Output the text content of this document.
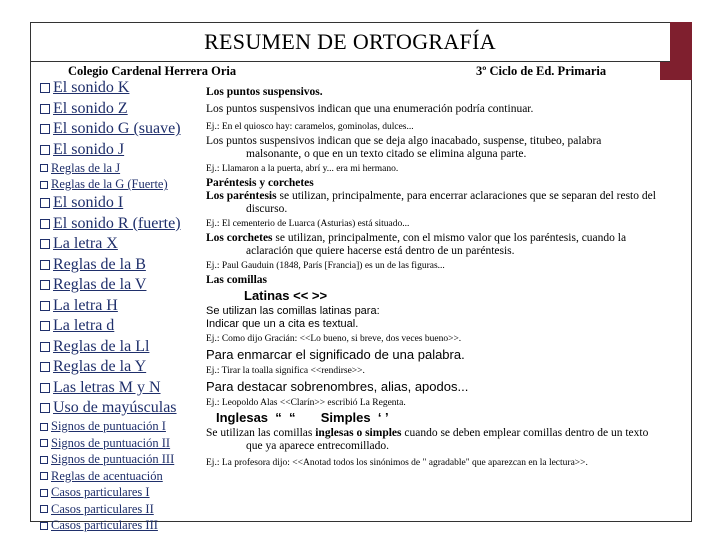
RESUMEN DE ORTOGRAFÍA
Colegio Cardenal Herrera Oria	3º Ciclo de Ed. Primaria
El sonido K
El sonido Z
El sonido G (suave)
El sonido J
Reglas de la J
Reglas de la G (Fuerte)
El sonido I
El sonido R (fuerte)
La letra X
Reglas de la B
Reglas de la V
La letra H
La letra d
Reglas de la Ll
Reglas de la Y
Las letras M y N
Uso de mayúsculas
Signos de puntuación I
Signos de puntuación II
Signos de puntuación III
Reglas de acentuación
Casos particulares I
Casos particulares II
Casos particulares III

Los puntos suspensivos.

Los puntos suspensivos indican que una enumeración podría continuar.

Ej.: En el quiosco hay: caramelos, gominolas, dulces...

Los puntos suspensivos indican que se deja algo inacabado, suspense, titubeo, palabra

malsonante, o que en un texto citado se elimina alguna parte.

Ej.: Llamaron a la puerta, abrí y... era mi hermano.

Paréntesis y corchetes

Los paréntesis se utilizan, principalmente, para encerrar aclaraciones que se separan del resto del

discurso.

Ej.: El cementerio de Luarca (Asturias) está situado...

Los corchetes se utilizan, principalmente, con el mismo valor que los paréntesis, cuando la

aclaración que quiere hacerse está dentro de un paréntesis.

Ej.: Paul Gauduin (1848, París [Francia]) es un de las figuras...

Las comillas

Latinas << >>

Se utilizan las comillas latinas para:

Indicar que un a cita es textual.

Ej.: Como dijo Gracián: <<Lo bueno, si breve, dos veces bueno>>.

Para enmarcar el significado de una palabra.

Ej.: Tirar la toalla significa <<rendirse>>.

Para destacar sobrenombres, alias, apodos...

Ej.: Leopoldo Alas <<Clarín>> escribió La Regenta.

Inglesas  “  “       Simples  ‘ ’

Se utilizan las comillas inglesas o simples cuando se deben emplear comillas dentro de un texto

que ya aparece entrecomillado.

Ej.: La profesora dijo: <<Anotad todos los sinónimos de " agradable" que aparezcan en la lectura>>.
